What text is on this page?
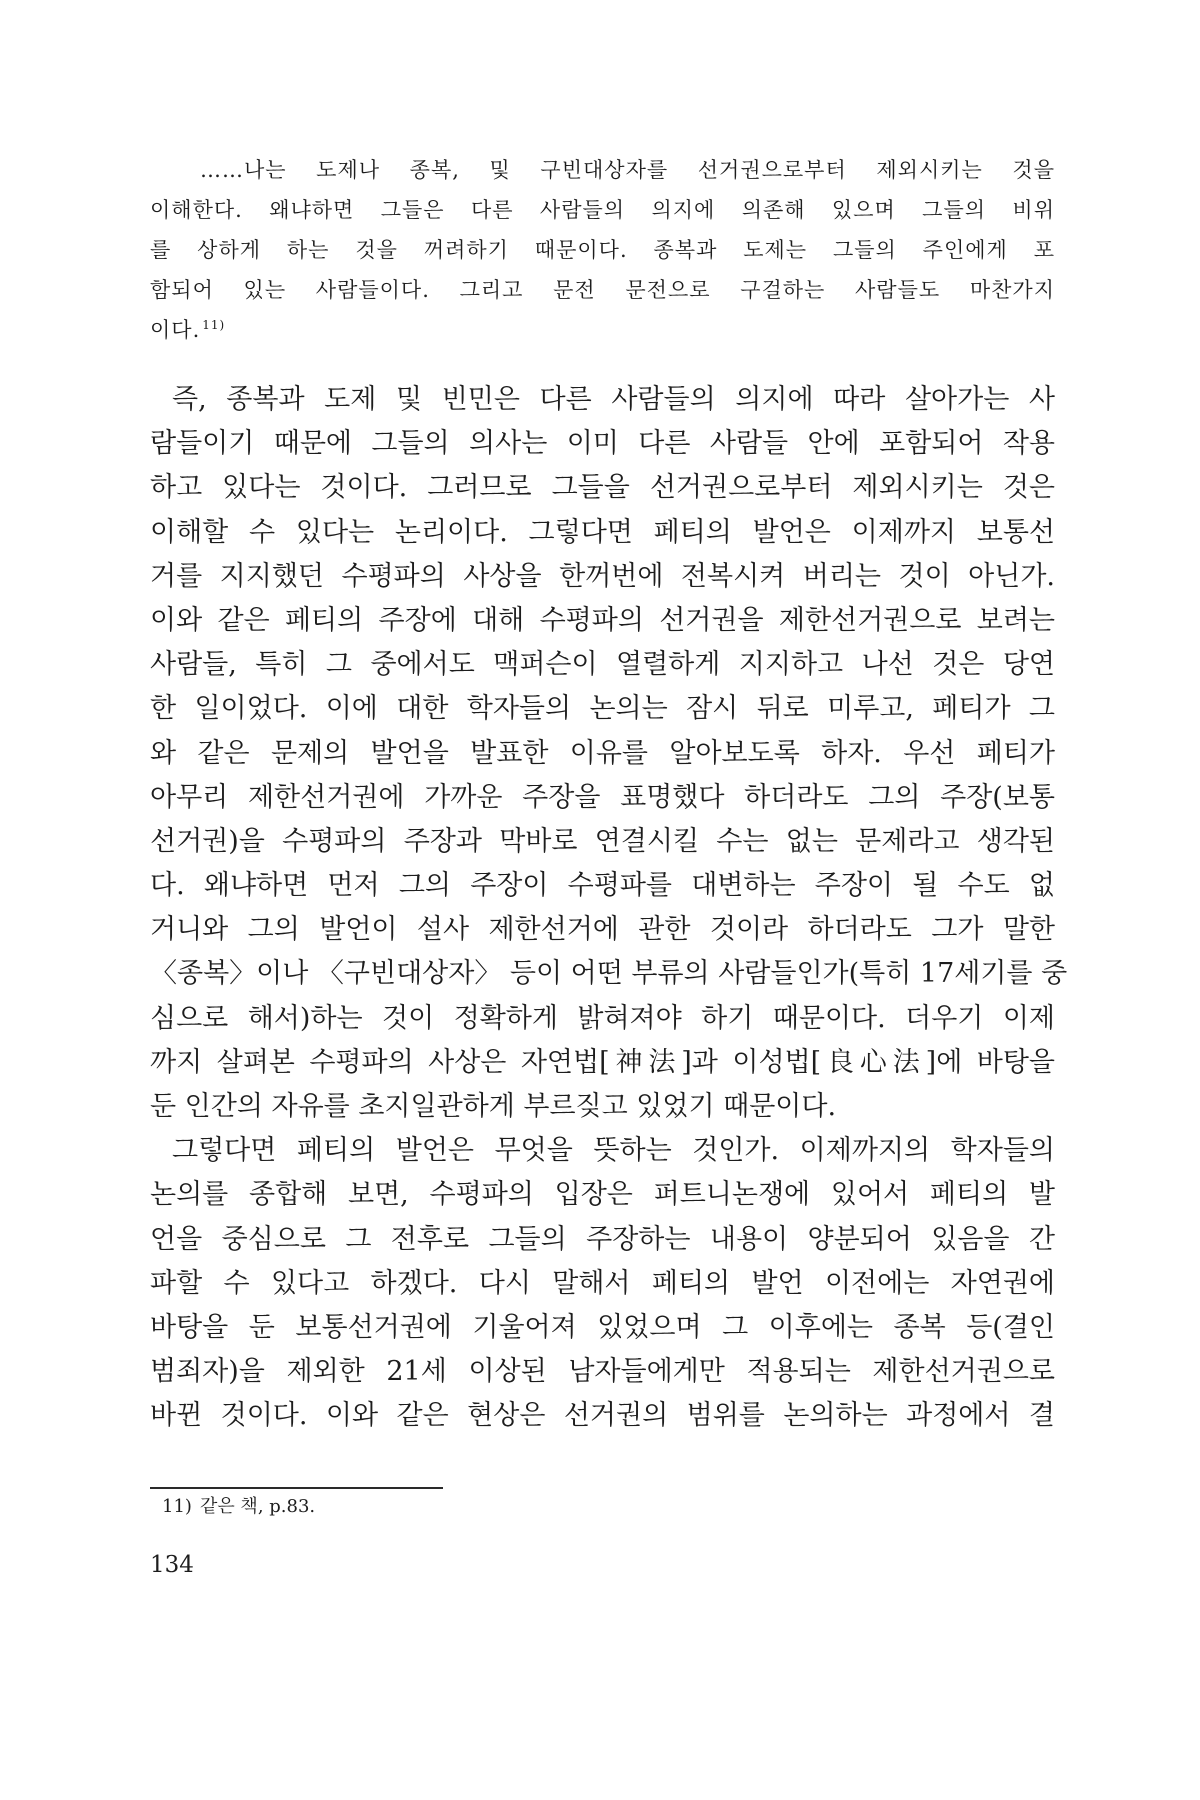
……나는 도제나 종복, 및 구빈대상자를 선거권으로부터 제외시키는 것을
이해한다. 왜냐하면 그들은 다른 사람들의 의지에 의존해 있으며 그들의 비위
를 상하게 하는 것을 꺼려하기 때문이다. 종복과 도제는 그들의 주인에게 포
함되어 있는 사람들이다. 그리고 문전 문전으로 구걸하는 사람들도 마찬가지
이다. $^{11)}$
즉, 종복과 도제 및 빈민은 다른 사람들의 의지에 따라 살아가는 사
람들이기 때문에 그들의 의사는 이미 다른 사람들 안에 포함되어 작용
하고 있다는 것이다. 그러므로 그들을 선거권으로부터 제외시키는 것은
이해할 수 있다는 논리이다. 그렇다면 페티의 발언은 이제까지 보통선
거를 지지했던 수평파의 사상을 한꺼번에 전복시켜 버리는 것이 아닌가.
이와 같은 페티의 주장에 대해 수평파의 선거권을 제한선거권으로 보려는
사람들, 특히 그 중에서도 맥퍼슨이 열렬하게 지지하고 나선 것은 당연
한 일이었다. 이에 대한 학자들의 논의는 잠시 뒤로 미루고, 페티가 그
와 같은 문제의 발언을 발표한 이유를 알아보도록 하자. 우선 페티가
아무리 제한선거권에 가까운 주장을 표명했다 하더라도 그의 주장(보통
선거권)을 수평파의 주장과 막바로 연결시킬 수는 없는 문제라고 생각된
다. 왜냐하면 먼저 그의 주장이 수평파를 대변하는 주장이 될 수도 없
거니와 그의 발언이 설사 제한선거에 관한 것이라 하더라도 그가 말한
〈종복〉이나 〈구빈대상자〉 등이 어떤 부류의 사람들인가(특히 17세기를 중
심으로 해서)하는 것이 정확하게 밝혀져야 하기 때문이다. 더우기 이제
까지 살펴본 수평파의 사상은 자연법[神法]과 이성법[良心法]에 바탕을
둔 인간의 자유를 초지일관하게 부르짖고 있었기 때문이다.
그렇다면 페티의 발언은 무엇을 뜻하는 것인가. 이제까지의 학자들의
논의를 종합해 보면, 수평파의 입장은 퍼트니논쟁에 있어서 페티의 발
언을 중심으로 그 전후로 그들의 주장하는 내용이 양분되어 있음을 간
파할 수 있다고 하겠다. 다시 말해서 페티의 발언 이전에는 자연권에
바탕을 둔 보통선거권에 기울어져 있었으며 그 이후에는 종복 등(결인
범죄자)을 제외한 21세 이상된 남자들에게만 적용되는 제한선거권으로
바뀐 것이다. 이와 같은 현상은 선거권의 범위를 논의하는 과정에서 결
11) 같은 책, p.83.
134
